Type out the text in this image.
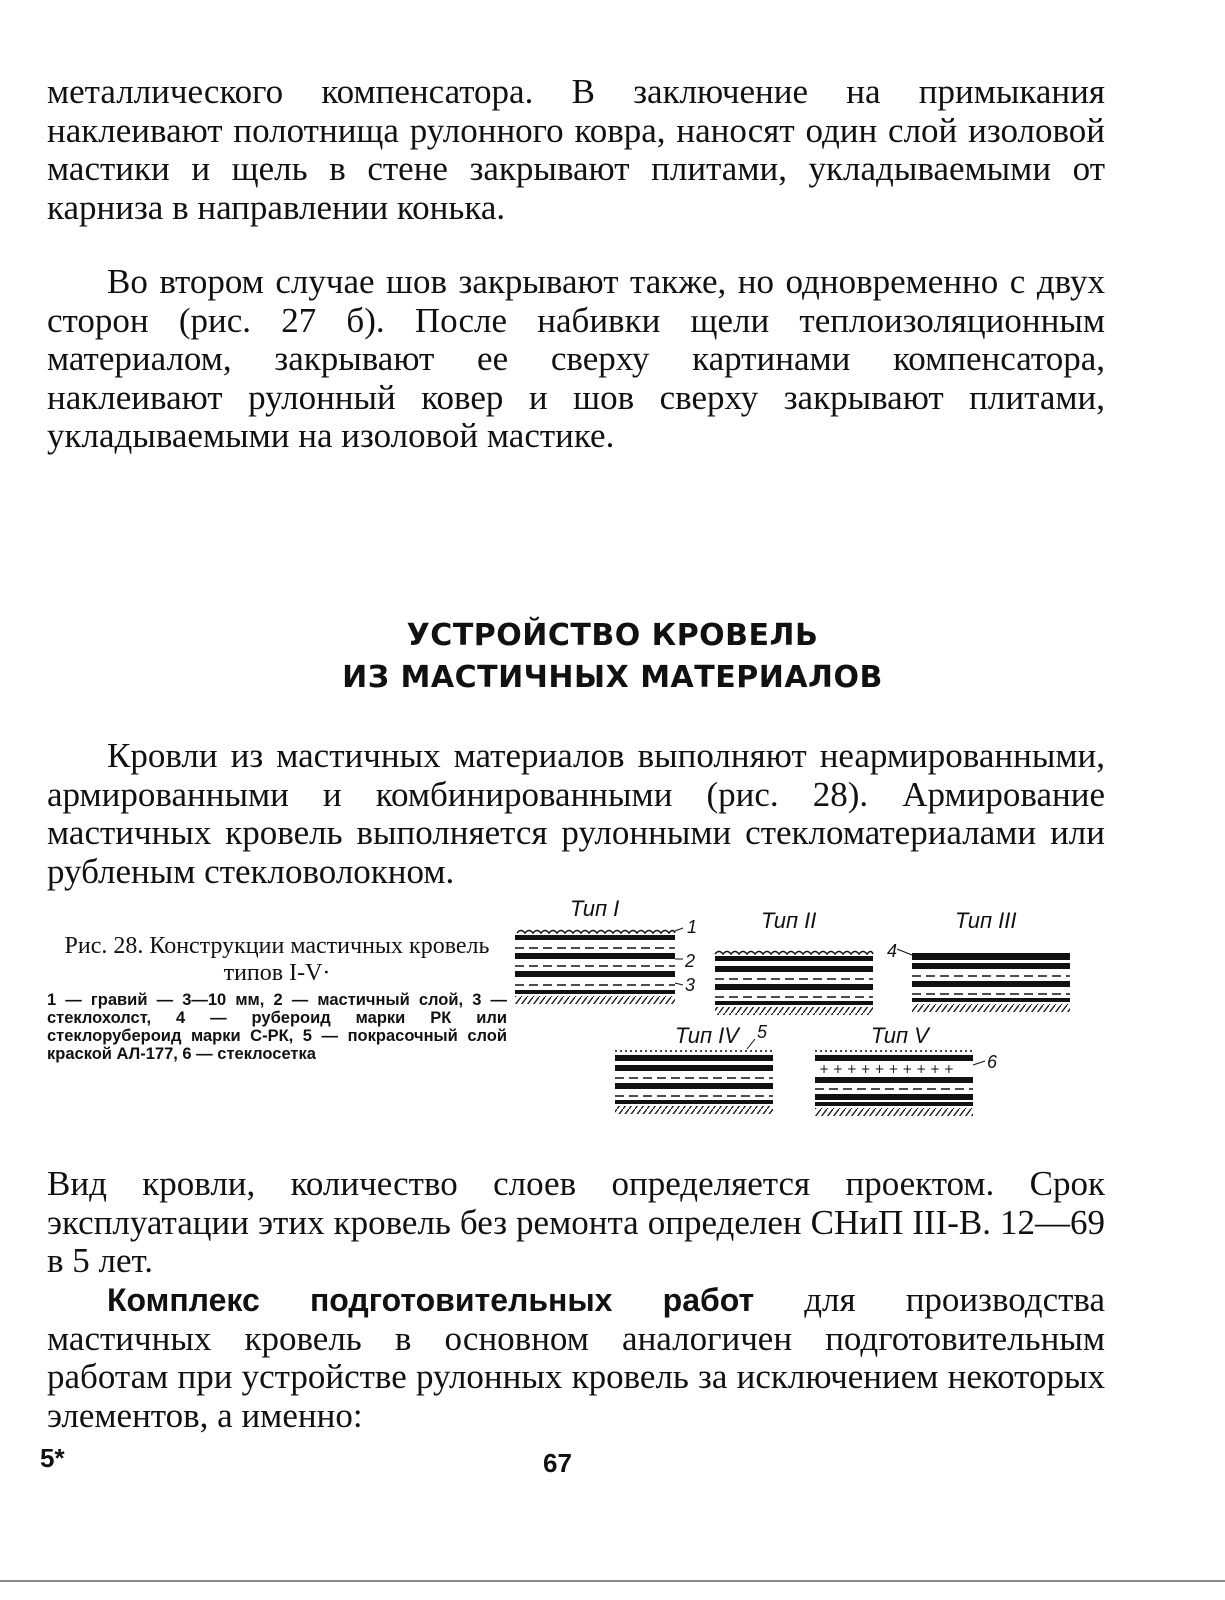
металлического компенсатора. В заключение на примыкания наклеивают полотнища рулонного ковра, наносят один слой изоловой мастики и щель в стене закрывают плитами, укладываемыми от карниза в направлении конька.
Во втором случае шов закрывают также, но одновременно с двух сторон (рис. 27 б). После набивки щели теплоизоляционным материалом, закрывают ее сверху картинами компенсатора, наклеивают рулонный ковер и шов сверху закрывают плитами, укладываемыми на изоловой мастике.
УСТРОЙСТВО КРОВЕЛЬ
ИЗ МАСТИЧНЫХ МАТЕРИАЛОВ
Кровли из мастичных материалов выполняют неармированными, армированными и комбинированными (рис. 28). Армирование мастичных кровель выполняется рулонными стекломатериалами или рубленым стекловолокном.
Рис. 28. Конструкции мастичных кровель типов I-V·
1 — гравий — 3—10 мм, 2 — мастичный слой, 3 — стеклохолст, 4 — рубероид марки РК или стеклорубероид марки С-РК, 5 — покрасочный слой краской АЛ-177, 6 — стеклосетка
Тип I
1
2
3
Тип II	Тип III
4
Тип IV 5	Тип V
6
+ + + + + + + + + +
Вид кровли, количество слоев определяется проектом. Срок эксплуатации этих кровель без ремонта определен СНиП III-В. 12—69 в 5 лет.
Комплекс подготовительных работ для производства мастичных кровель в основном аналогичен подготовительным работам при устройстве рулонных кровель за исключением некоторых элементов, а именно:
5*	67
